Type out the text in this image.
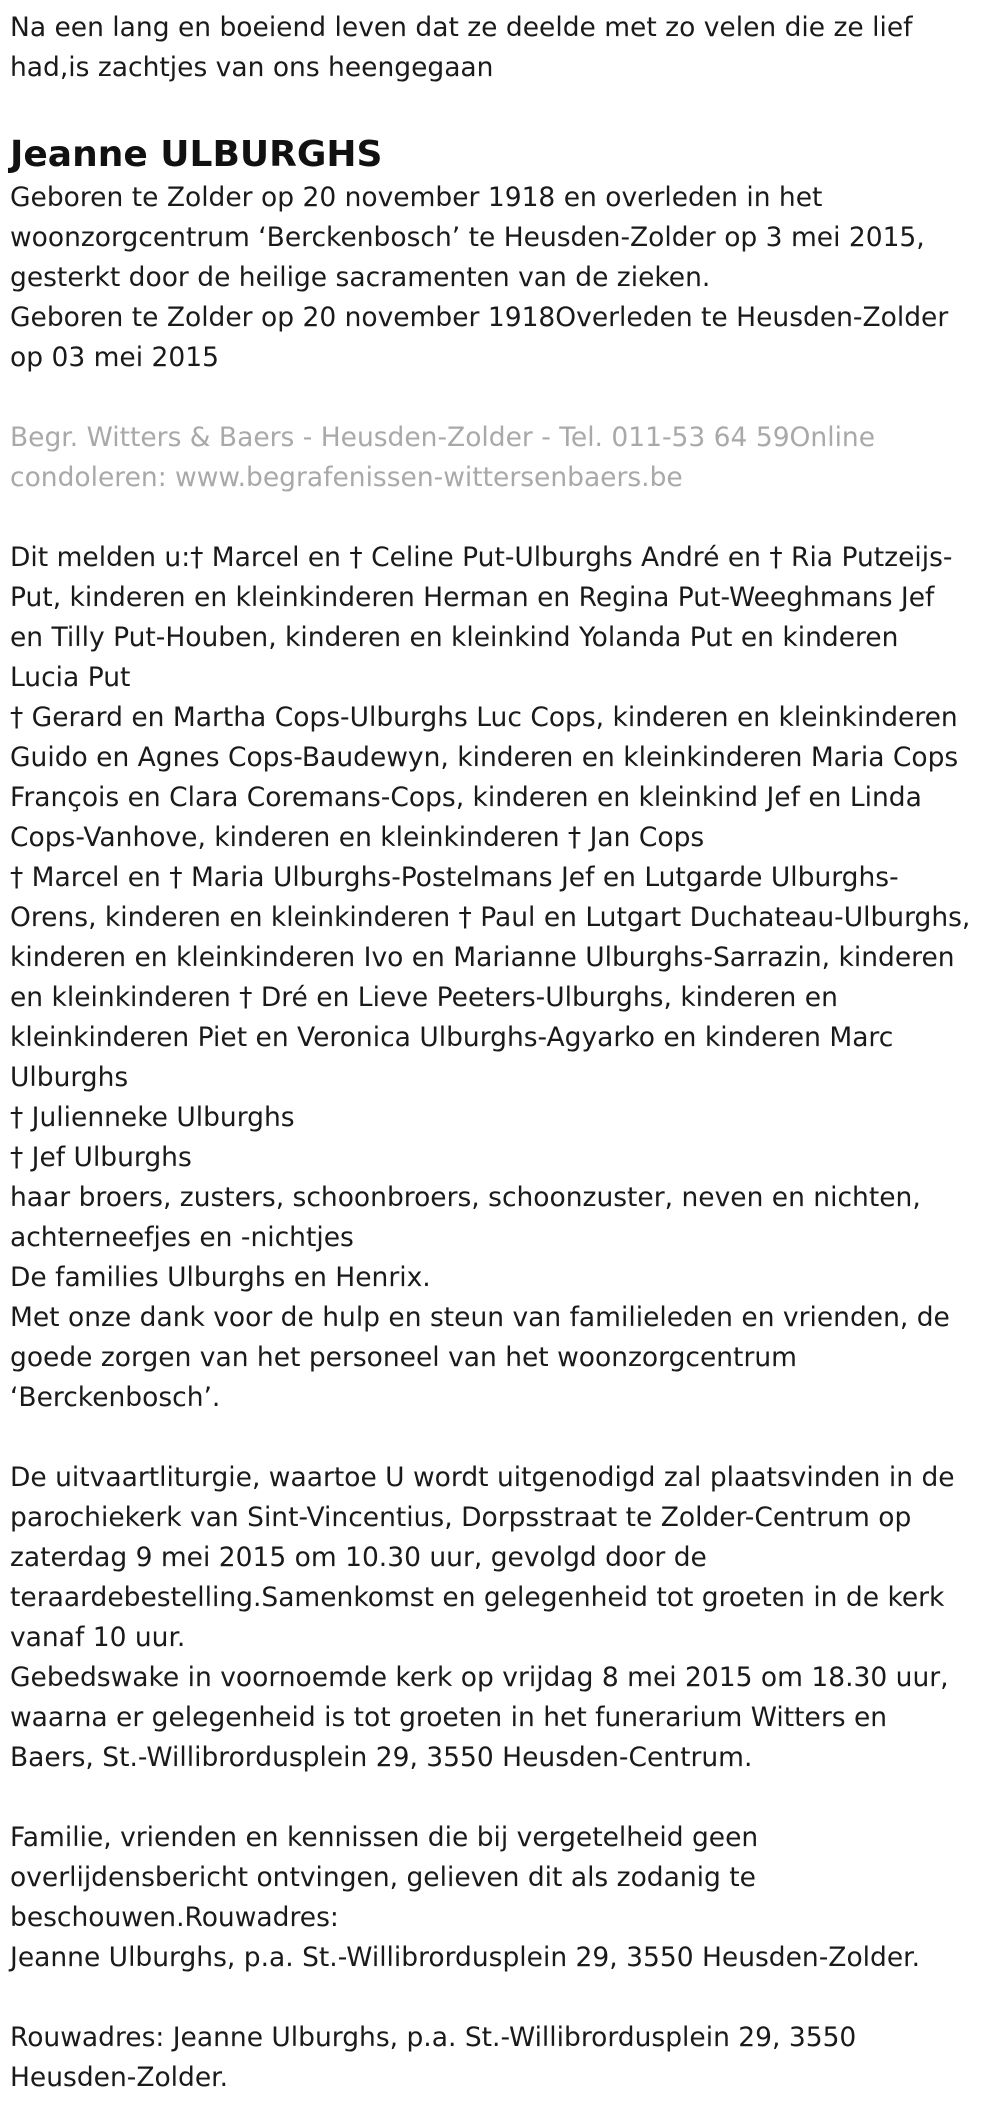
Na een lang en boeiend leven dat ze deelde met zo velen die ze lief had,is zachtjes van ons heengegaan

Jeanne ULBURGHS

Geboren te Zolder op 20 november 1918 en overleden in het woonzorgcentrum ‘Berckenbosch’ te Heusden-Zolder op 3 mei 2015, gesterkt door de heilige sacramenten van de zieken.

Geboren te Zolder op 20 november 1918Overleden te Heusden-Zolder op 03 mei 2015

Begr. Witters & Baers - Heusden-Zolder - Tel. 011-53 64 59Online condoleren: www.begrafenissen-wittersenbaers.be

Dit melden u:† Marcel en † Celine Put-Ulburghs André en † Ria Putzeijs-Put, kinderen en kleinkinderen Herman en Regina Put-Weeghmans Jef en Tilly Put-Houben, kinderen en kleinkind Yolanda Put en kinderen Lucia Put

† Gerard en Martha Cops-Ulburghs Luc Cops, kinderen en kleinkinderen Guido en Agnes Cops-Baudewyn, kinderen en kleinkinderen Maria Cops François en Clara Coremans-Cops, kinderen en kleinkind Jef en Linda Cops-Vanhove, kinderen en kleinkinderen † Jan Cops

† Marcel en † Maria Ulburghs-Postelmans Jef en Lutgarde Ulburghs-Orens, kinderen en kleinkinderen † Paul en Lutgart Duchateau-Ulburghs, kinderen en kleinkinderen Ivo en Marianne Ulburghs-Sarrazin, kinderen en kleinkinderen † Dré en Lieve Peeters-Ulburghs, kinderen en kleinkinderen Piet en Veronica Ulburghs-Agyarko en kinderen Marc Ulburghs

† Julienneke Ulburghs

† Jef Ulburghs

haar broers, zusters, schoonbroers, schoonzuster, neven en nichten, achterneefjes en -nichtjes

De families Ulburghs en Henrix.

Met onze dank voor de hulp en steun van familieleden en vrienden, de goede zorgen van het personeel van het woonzorgcentrum ‘Berckenbosch’.

De uitvaartliturgie, waartoe U wordt uitgenodigd zal plaatsvinden in de parochiekerk van Sint-Vincentius, Dorpsstraat te Zolder-Centrum op zaterdag 9 mei 2015 om 10.30 uur, gevolgd door de teraardebestelling.Samenkomst en gelegenheid tot groeten in de kerk vanaf 10 uur.

Gebedswake in voornoemde kerk op vrijdag 8 mei 2015 om 18.30 uur, waarna er gelegenheid is tot groeten in het funerarium Witters en Baers, St.-Willibrordusplein 29, 3550 Heusden-Centrum.

Familie, vrienden en kennissen die bij vergetelheid geen overlijdensbericht ontvingen, gelieven dit als zodanig te beschouwen.Rouwadres:

Jeanne Ulburghs, p.a. St.-Willibrordusplein 29, 3550 Heusden-Zolder.

Rouwadres: Jeanne Ulburghs, p.a. St.-Willibrordusplein 29, 3550 Heusden-Zolder.
